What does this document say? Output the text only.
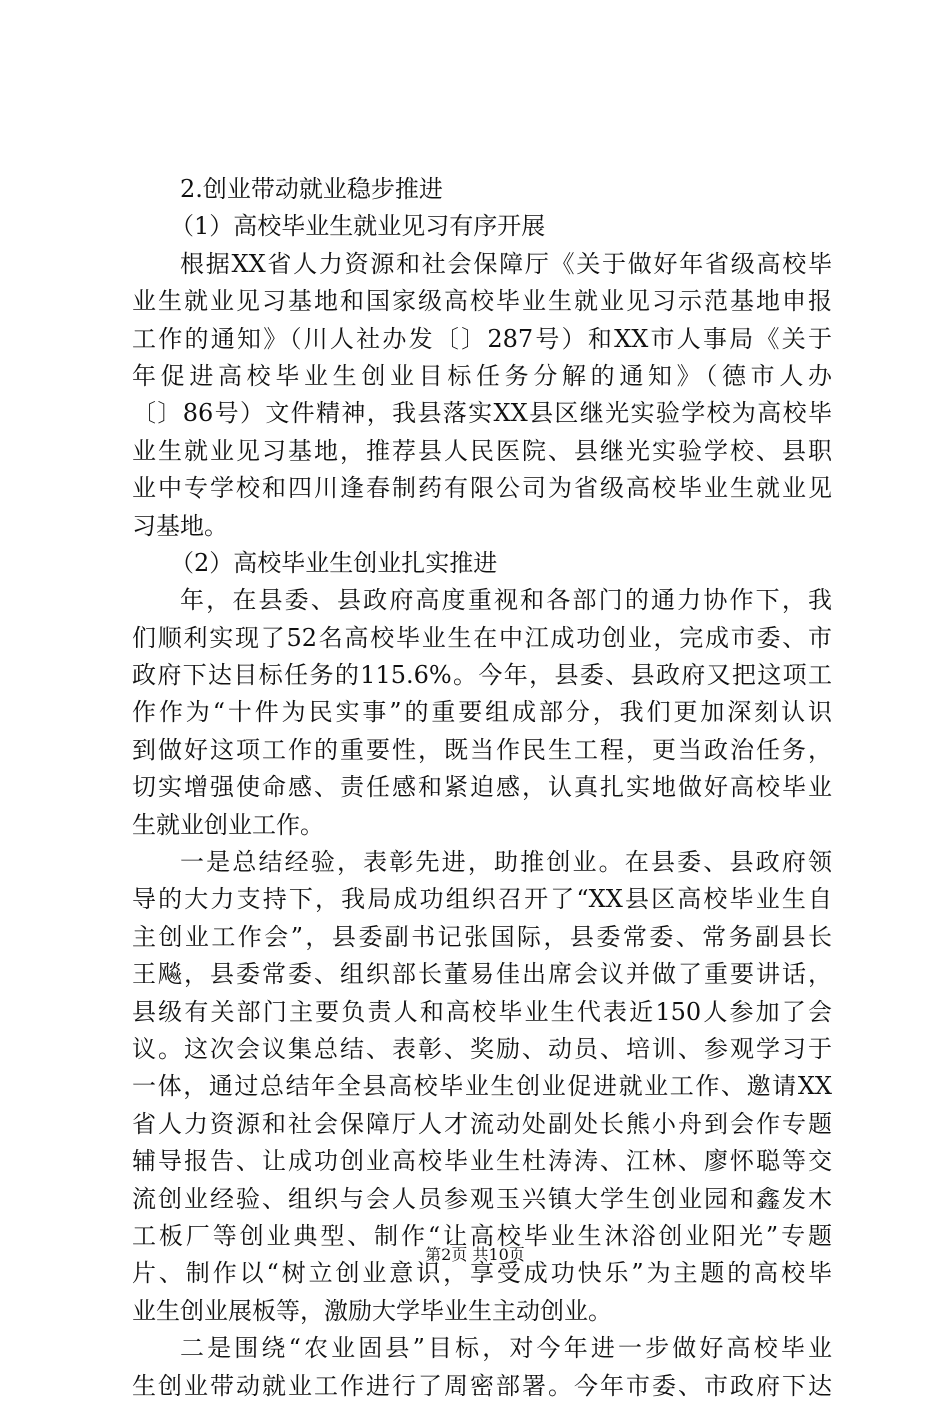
2.创业带动就业稳步推进
（1）高校毕业生就业见习有序开展
根据XX省人力资源和社会保障厅《关于做好年省级高校毕
业生就业见习基地和国家级高校毕业生就业见习示范基地申报
工作的通知》（川人社办发〔〕287号）和XX市人事局《关于
年促进高校毕业生创业目标任务分解的通知》（德市人办
〔〕86号）文件精神，我县落实XX县区继光实验学校为高校毕
业生就业见习基地，推荐县人民医院、县继光实验学校、县职
业中专学校和四川逢春制药有限公司为省级高校毕业生就业见
习基地。
（2）高校毕业生创业扎实推进
年，在县委、县政府高度重视和各部门的通力协作下，我
们顺利实现了52名高校毕业生在中江成功创业，完成市委、市
政府下达目标任务的115.6%。今年，县委、县政府又把这项工
作作为“十件为民实事”的重要组成部分，我们更加深刻认识
到做好这项工作的重要性，既当作民生工程，更当政治任务，
切实增强使命感、责任感和紧迫感，认真扎实地做好高校毕业
生就业创业工作。
一是总结经验，表彰先进，助推创业。在县委、县政府领
导的大力支持下，我局成功组织召开了“XX县区高校毕业生自
主创业工作会”，县委副书记张国际，县委常委、常务副县长
王飚，县委常委、组织部长董易佳出席会议并做了重要讲话，
县级有关部门主要负责人和高校毕业生代表近150人参加了会
议。这次会议集总结、表彰、奖励、动员、培训、参观学习于
一体，通过总结年全县高校毕业生创业促进就业工作、邀请XX
省人力资源和社会保障厅人才流动处副处长熊小舟到会作专题
辅导报告、让成功创业高校毕业生杜涛涛、江林、廖怀聪等交
流创业经验、组织与会人员参观玉兴镇大学生创业园和鑫发木
工板厂等创业典型、制作“让高校毕业生沐浴创业阳光”专题
片、制作以“树立创业意识，享受成功快乐”为主题的高校毕
业生创业展板等，激励大学毕业生主动创业。
二是围绕“农业固县”目标，对今年进一步做好高校毕业
生创业带动就业工作进行了周密部署。今年市委、市政府下达
第2页 共10页
